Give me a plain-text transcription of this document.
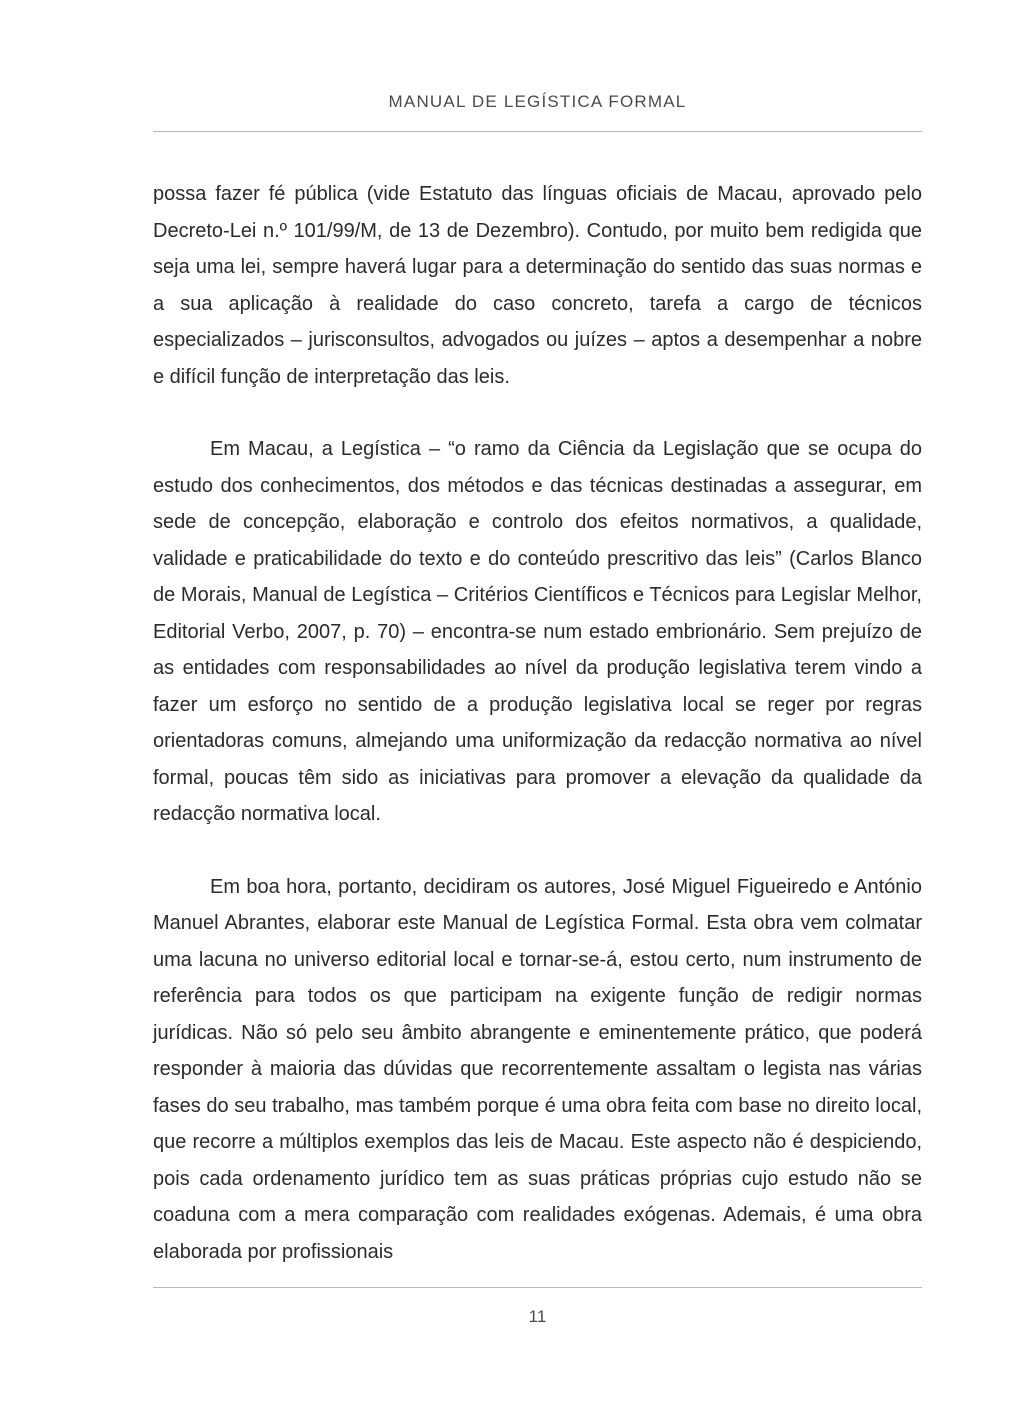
MANUAL DE LEGÍSTICA FORMAL

possa fazer fé pública (vide Estatuto das línguas oficiais de Macau, aprovado pelo Decreto-Lei n.º 101/99/M, de 13 de Dezembro). Contudo, por muito bem redigida que seja uma lei, sempre haverá lugar para a determinação do sentido das suas normas e a sua aplicação à realidade do caso concreto, tarefa a cargo de técnicos especializados – jurisconsultos, advogados ou juízes – aptos a desempenhar a nobre e difícil função de interpretação das leis.

Em Macau, a Legística – “o ramo da Ciência da Legislação que se ocupa do estudo dos conhecimentos, dos métodos e das técnicas destinadas a assegurar, em sede de concepção, elaboração e controlo dos efeitos normativos, a qualidade, validade e praticabilidade do texto e do conteúdo prescritivo das leis” (Carlos Blanco de Morais, Manual de Legística – Critérios Científicos e Técnicos para Legislar Melhor, Editorial Verbo, 2007, p. 70) – encontra-se num estado embrionário. Sem prejuízo de as entidades com responsabilidades ao nível da produção legislativa terem vindo a fazer um esforço no sentido de a produção legislativa local se reger por regras orientadoras comuns, almejando uma uniformização da redacção normativa ao nível formal, poucas têm sido as iniciativas para promover a elevação da qualidade da redacção normativa local.

Em boa hora, portanto, decidiram os autores, José Miguel Figueiredo e António Manuel Abrantes, elaborar este Manual de Legística Formal. Esta obra vem colmatar uma lacuna no universo editorial local e tornar-se-á, estou certo, num instrumento de referência para todos os que participam na exigente função de redigir normas jurídicas. Não só pelo seu âmbito abrangente e eminentemente prático, que poderá responder à maioria das dúvidas que recorrentemente assaltam o legista nas várias fases do seu trabalho, mas também porque é uma obra feita com base no direito local, que recorre a múltiplos exemplos das leis de Macau. Este aspecto não é despiciendo, pois cada ordenamento jurídico tem as suas práticas próprias cujo estudo não se coaduna com a mera comparação com realidades exógenas. Ademais, é uma obra elaborada por profissionais

11
